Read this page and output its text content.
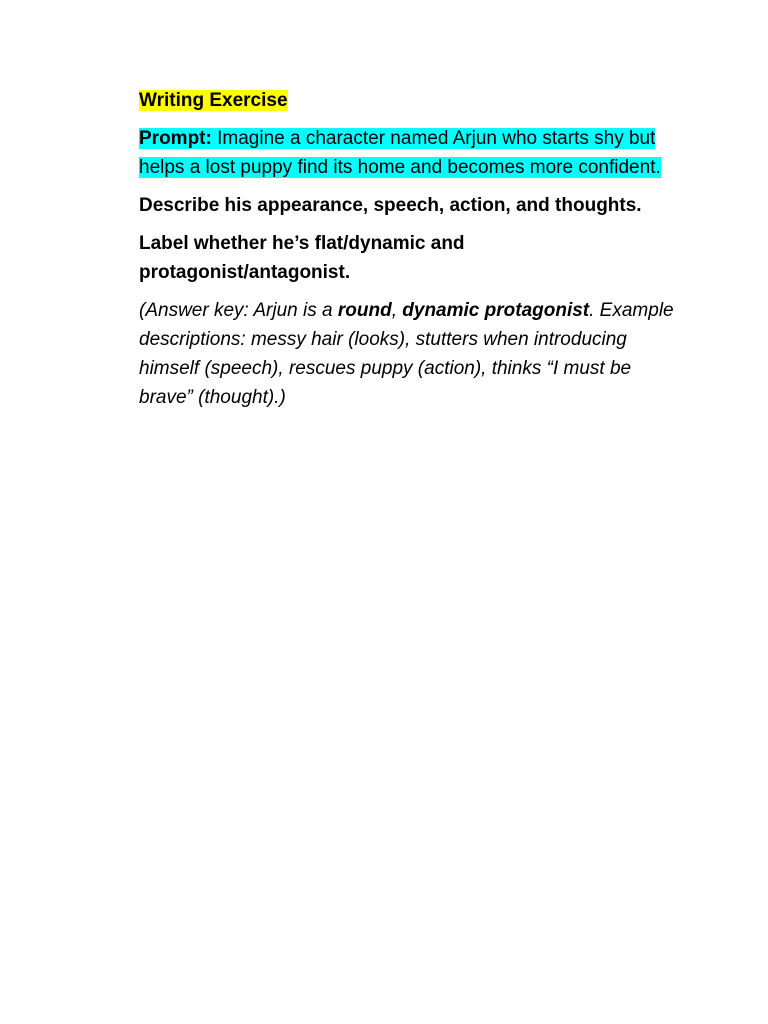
Writing Exercise

Prompt: Imagine a character named Arjun who starts shy but helps a lost puppy find its home and becomes more confident.

Describe his appearance, speech, action, and thoughts.

Label whether he’s flat/dynamic and protagonist/antagonist.

(Answer key: Arjun is a round, dynamic protagonist. Example descriptions: messy hair (looks), stutters when introducing himself (speech), rescues puppy (action), thinks “I must be brave” (thought).)
